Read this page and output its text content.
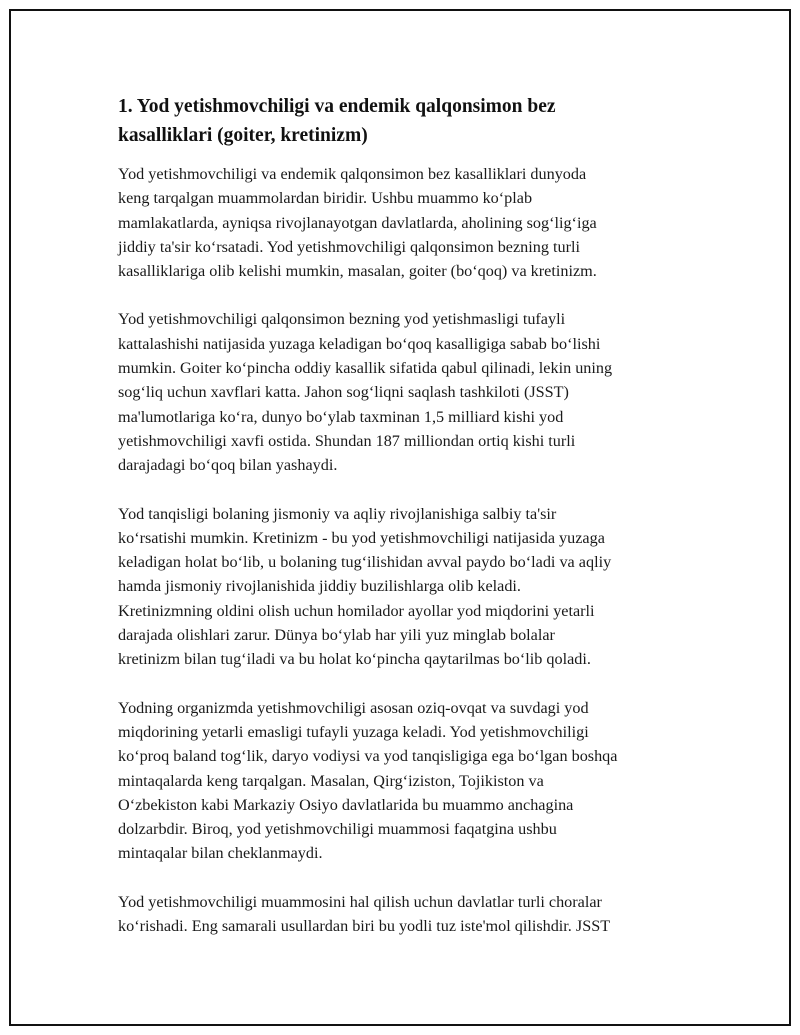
1. Yod yetishmovchiligi va endemik qalqonsimon bez
kasalliklari (goiter, kretinizm)

Yod yetishmovchiligi va endemik qalqonsimon bez kasalliklari dunyoda
keng tarqalgan muammolardan biridir. Ushbu muammo ko‘plab
mamlakatlarda, ayniqsa rivojlanayotgan davlatlarda, aholining sog‘lig‘iga
jiddiy ta'sir ko‘rsatadi. Yod yetishmovchiligi qalqonsimon bezning turli
kasalliklariga olib kelishi mumkin, masalan, goiter (bo‘qoq) va kretinizm.

Yod yetishmovchiligi qalqonsimon bezning yod yetishmasligi tufayli
kattalashishi natijasida yuzaga keladigan bo‘qoq kasalligiga sabab bo‘lishi
mumkin. Goiter ko‘pincha oddiy kasallik sifatida qabul qilinadi, lekin uning
sog‘liq uchun xavflari katta. Jahon sog‘liqni saqlash tashkiloti (JSST)
ma'lumotlariga ko‘ra, dunyo bo‘ylab taxminan 1,5 milliard kishi yod
yetishmovchiligi xavfi ostida. Shundan 187 milliondan ortiq kishi turli
darajadagi bo‘qoq bilan yashaydi.

Yod tanqisligi bolaning jismoniy va aqliy rivojlanishiga salbiy ta'sir
ko‘rsatishi mumkin. Kretinizm - bu yod yetishmovchiligi natijasida yuzaga
keladigan holat bo‘lib, u bolaning tug‘ilishidan avval paydo bo‘ladi va aqliy
hamda jismoniy rivojlanishida jiddiy buzilishlarga olib keladi.
Kretinizmning oldini olish uchun homilador ayollar yod miqdorini yetarli
darajada olishlari zarur. Dünya bo‘ylab har yili yuz minglab bolalar
kretinizm bilan tug‘iladi va bu holat ko‘pincha qaytarilmas bo‘lib qoladi.

Yodning organizmda yetishmovchiligi asosan oziq-ovqat va suvdagi yod
miqdorining yetarli emasligi tufayli yuzaga keladi. Yod yetishmovchiligi
ko‘proq baland tog‘lik, daryo vodiysi va yod tanqisligiga ega bo‘lgan boshqa
mintaqalarda keng tarqalgan. Masalan, Qirg‘iziston, Tojikiston va
O‘zbekiston kabi Markaziy Osiyo davlatlarida bu muammo anchagina
dolzarbdir. Biroq, yod yetishmovchiligi muammosi faqatgina ushbu
mintaqalar bilan cheklanmaydi.

Yod yetishmovchiligi muammosini hal qilish uchun davlatlar turli choralar
ko‘rishadi. Eng samarali usullardan biri bu yodli tuz iste'mol qilishdir. JSST
